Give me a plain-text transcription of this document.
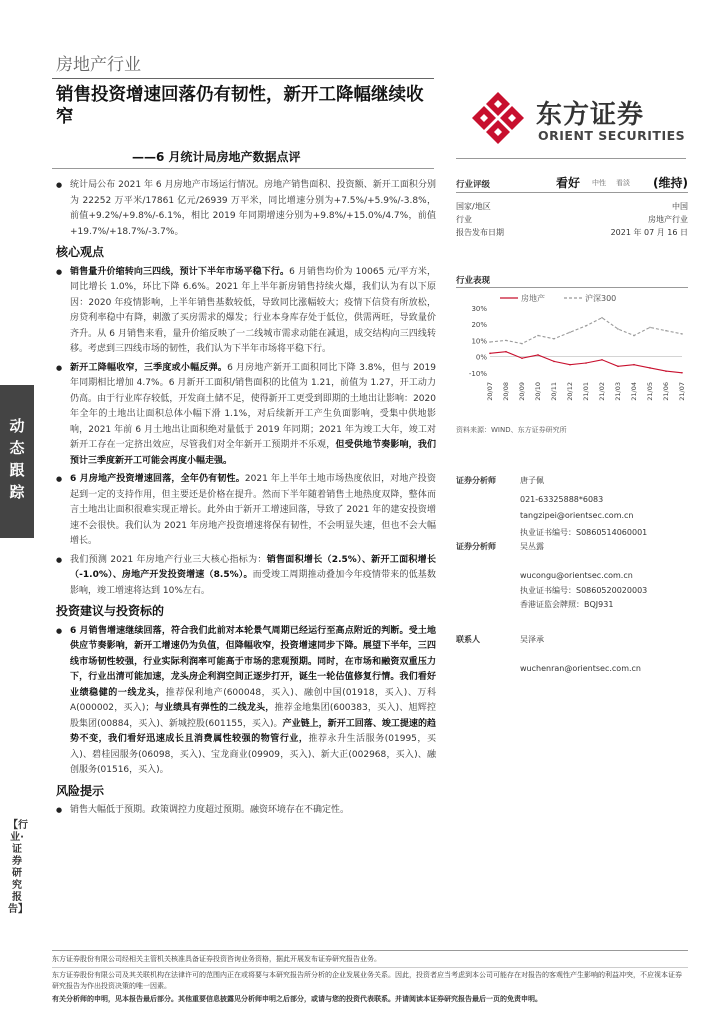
房地产行业
销售投资增速回落仍有韧性，新开工降幅继续收窄
——6 月统计局房地产数据点评
东方证券
ORIENT SECURITIES
动
态
跟
踪
【行业·证券研究报告】
● 统计局公布 2021 年 6 月房地产市场运行情况。房地产销售面积、投资额、新开工面积分别为 22252 万平米/17861 亿元/26939 万平米，同比增速分别为+7.5%/+5.9%/-3.8%，前值+9.2%/+9.8%/-6.1%，相比 2019 年同期增速分别为+9.8%/+15.0%/4.7%，前值+19.7%/+18.7%/-3.7%。
核心观点
● 销售量升价缩转向三四线，预计下半年市场平稳下行。6 月销售均价为 10065 元/平方米，同比增长 1.0%，环比下降 6.6%。2021 年上半年新房销售持续火爆，我们认为有以下原因：2020 年疫情影响，上半年销售基数较低，导致同比涨幅较大；疫情下信贷有所放松，房贷利率稳中有降，刺激了买房需求的爆发；行业本身库存处于低位，供需两旺，导致量价齐升。从 6 月销售来看，量升价缩反映了一二线城市需求动能在减退，成交结构向三四线转移。考虑到三四线市场的韧性，我们认为下半年市场将平稳下行。
● 新开工降幅收窄，三季度或小幅反弹。6 月房地产新开工面积同比下降 3.8%，但与 2019 年同期相比增加 4.7%。6 月新开工面积/销售面积的比值为 1.21，前值为 1.27，开工动力仍高。由于行业库存较低，开发商土储不足，使得新开工更受到即期的土地出让影响：2020 年全年的土地出让面积总体小幅下滑 1.1%，对后续新开工产生负面影响，受集中供地影响，2021 年前 6 月土地出让面积绝对量低于 2019 年同期；2021 年为竣工大年，竣工对新开工存在一定挤出效应，尽管我们对全年新开工预期并不乐观，但受供地节奏影响，我们预计三季度新开工可能会再度小幅走强。
● 6 月房地产投资增速回落，全年仍有韧性。2021 年上半年土地市场热度依旧，对地产投资起到一定的支持作用，但主要还是价格在提升。然而下半年随着销售土地热度双降，整体而言土地出让面积很难实现正增长。此外由于新开工增速回落，导致了 2021 年的建安投资增速不会很快。我们认为 2021 年房地产投资增速将保有韧性，不会明显失速，但也不会大幅增长。
● 我们预测 2021 年房地产行业三大核心指标为：销售面积增长（2.5%）、新开工面积增长（-1.0%）、房地产开发投资增速（8.5%）。而受竣工周期推动叠加今年疫情带来的低基数影响，竣工增速将达到 10%左右。
投资建议与投资标的
● 6 月销售增速继续回落，符合我们此前对本轮景气周期已经运行至高点附近的判断。受土地供应节奏影响，新开工增速仍为负值，但降幅收窄，投资增速同步下降。展望下半年，三四线市场韧性较强，行业实际利润率可能高于市场的悲观预期。同时，在市场和融资双重压力下，行业出清可能加速，龙头房企利润空间正逐步打开，诞生一轮估值修复行情。我们看好业绩稳健的一线龙头，推荐保利地产(600048，买入)、融创中国(01918，买入)、万科 A(000002，买入)；与业绩具有弹性的二线龙头，推荐金地集团(600383，买入)、旭辉控股集团(00884，买入)、新城控股(601155，买入)。产业链上，新开工回落、竣工提速的趋势不变，我们看好迅速成长且消费属性较强的物管行业，推荐永升生活服务(01995，买入)、碧桂园服务(06098，买入)、宝龙商业(09909，买入)、新大正(002968，买入)、融创服务(01516，买入)。
风险提示
● 销售大幅低于预期。政策调控力度超过预期。融资环境存在不确定性。
行业评级	看好 中性 看淡 (维持)
国家/地区	中国
行业	房地产行业
报告发布日期	2021 年 07 月 16 日
行业表现
房地产	沪深300
30%
20%
10%
0%
-10%
20/07 20/08 20/09 20/10 20/11 20/12 21/01 21/02 21/03 21/04 21/05 21/06 21/07
资料来源：WIND、东方证券研究所
证券分析师	唐子佩
021-63325888*6083
tangzipei@orientsec.com.cn
执业证书编号：S0860514060001
证券分析师	吴丛露
wucongu@orientsec.com.cn
执业证书编号：S0860520020003
香港证监会牌照：BQJ931
联系人	吴泽承
wuchenran@orientsec.com.cn
东方证券股份有限公司经相关主管机关核准具备证券投资咨询业务资格，据此开展发布证券研究报告业务。
东方证券股份有限公司及其关联机构在法律许可的范围内正在或将要与本研究报告所分析的企业发展业务关系。因此，投资者应当考虑到本公司可能存在对报告的客观性产生影响的利益冲突，不应视本证券研究报告为作出投资决策的唯一因素。
有关分析师的申明，见本报告最后部分。其他重要信息披露见分析师申明之后部分，或请与您的投资代表联系。并请阅读本证券研究报告最后一页的免责申明。
